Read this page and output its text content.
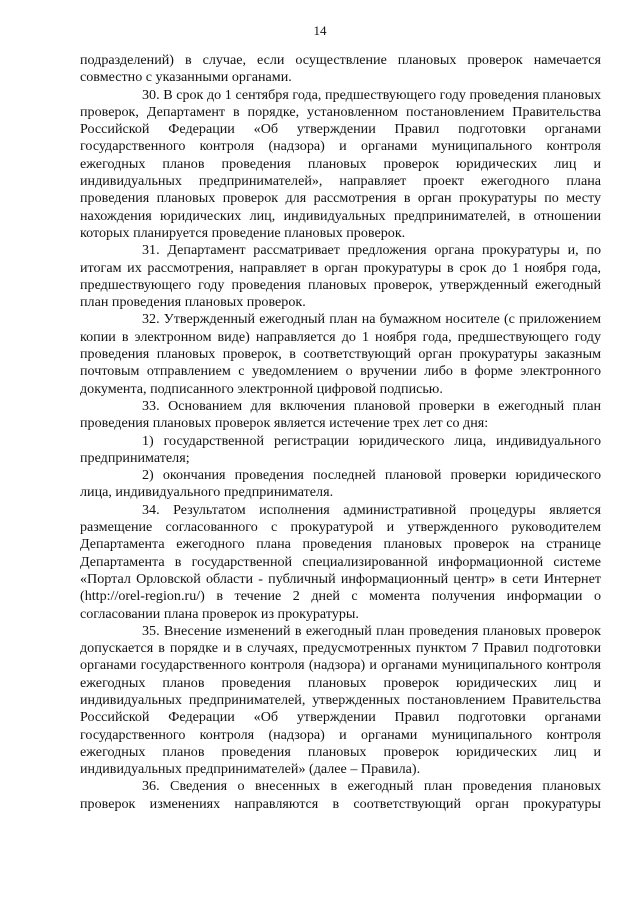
14

подразделений) в случае, если осуществление плановых проверок намечается совместно с указанными органами.

30. В срок до 1 сентября года, предшествующего году проведения плановых проверок, Департамент в порядке, установленном постановлением Правительства Российской Федерации «Об утверждении Правил подготовки органами государственного контроля (надзора) и органами муниципального контроля ежегодных планов проведения плановых проверок юридических лиц и индивидуальных предпринимателей», направляет проект ежегодного плана проведения плановых проверок для рассмотрения в орган прокуратуры по месту нахождения юридических лиц, индивидуальных предпринимателей, в отношении которых планируется проведение плановых проверок.

31. Департамент рассматривает предложения органа прокуратуры и, по итогам их рассмотрения, направляет в орган прокуратуры в срок до 1 ноября года, предшествующего году проведения плановых проверок, утвержденный ежегодный план проведения плановых проверок.

32. Утвержденный ежегодный план на бумажном носителе (с приложением копии в электронном виде) направляется до 1 ноября года, предшествующего году проведения плановых проверок, в соответствующий орган прокуратуры заказным почтовым отправлением с уведомлением о вручении либо в форме электронного документа, подписанного электронной цифровой подписью.

33. Основанием для включения плановой проверки в ежегодный план проведения плановых проверок является истечение трех лет со дня:

1) государственной регистрации юридического лица, индивидуального предпринимателя;

2) окончания проведения последней плановой проверки юридического лица, индивидуального предпринимателя.

34. Результатом исполнения административной процедуры является размещение согласованного с прокуратурой и утвержденного руководителем Департамента ежегодного плана проведения плановых проверок на странице Департамента в государственной специализированной информационной системе «Портал Орловской области - публичный информационный центр» в сети Интернет (http://orel-region.ru/) в течение 2 дней с момента получения информации о согласовании плана проверок из прокуратуры.

35. Внесение изменений в ежегодный план проведения плановых проверок допускается в порядке и в случаях, предусмотренных пунктом 7 Правил подготовки органами государственного контроля (надзора) и органами муниципального контроля ежегодных планов проведения плановых проверок юридических лиц и индивидуальных предпринимателей, утвержденных постановлением Правительства Российской Федерации «Об утверждении Правил подготовки органами государственного контроля (надзора) и органами муниципального контроля ежегодных планов проведения плановых проверок юридических лиц и индивидуальных предпринимателей» (далее – Правила).

36. Сведения о внесенных в ежегодный план проведения плановых проверок изменениях направляются в соответствующий орган прокуратуры
